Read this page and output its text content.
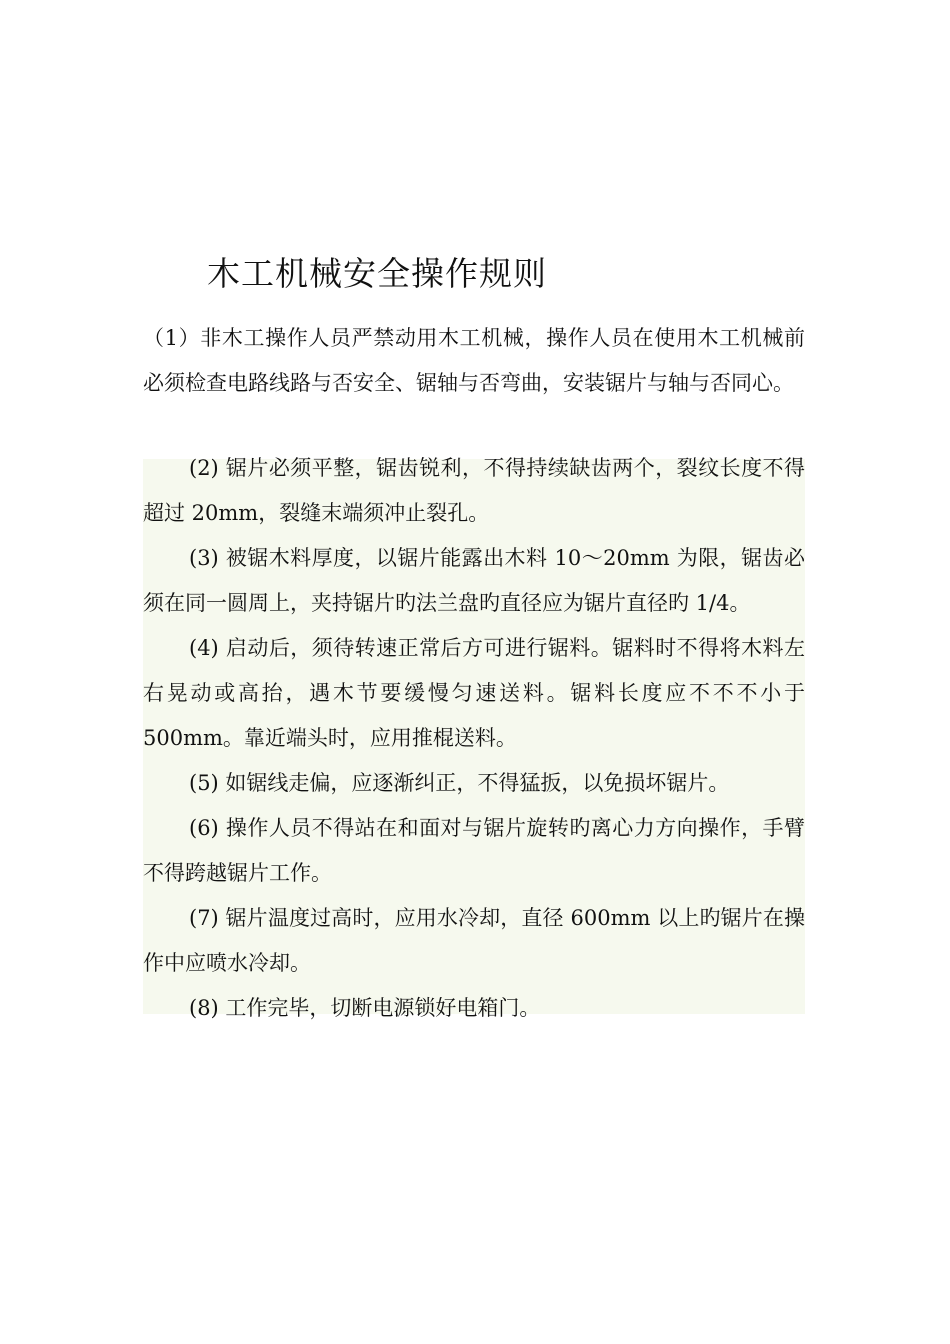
木工机械安全操作规则

（1）非木工操作人员严禁动用木工机械，操作人员在使用木工机械前必须检查电路线路与否安全、锯轴与否弯曲，安装锯片与轴与否同心。

(2) 锯片必须平整，锯齿锐利，不得持续缺齿两个，裂纹长度不得超过 20mm，裂缝末端须冲止裂孔。

(3) 被锯木料厚度，以锯片能露出木料 10～20mm 为限，锯齿必须在同一圆周上，夹持锯片旳法兰盘旳直径应为锯片直径旳 1/4。

(4) 启动后，须待转速正常后方可进行锯料。锯料时不得将木料左右晃动或高抬，遇木节要缓慢匀速送料。锯料长度应不不不小于 500mm。靠近端头时，应用推棍送料。

(5) 如锯线走偏，应逐渐纠正，不得猛扳，以免损坏锯片。

(6) 操作人员不得站在和面对与锯片旋转旳离心力方向操作，手臂不得跨越锯片工作。

(7) 锯片温度过高时，应用水冷却，直径 600mm 以上旳锯片在操作中应喷水冷却。

(8) 工作完毕，切断电源锁好电箱门。
